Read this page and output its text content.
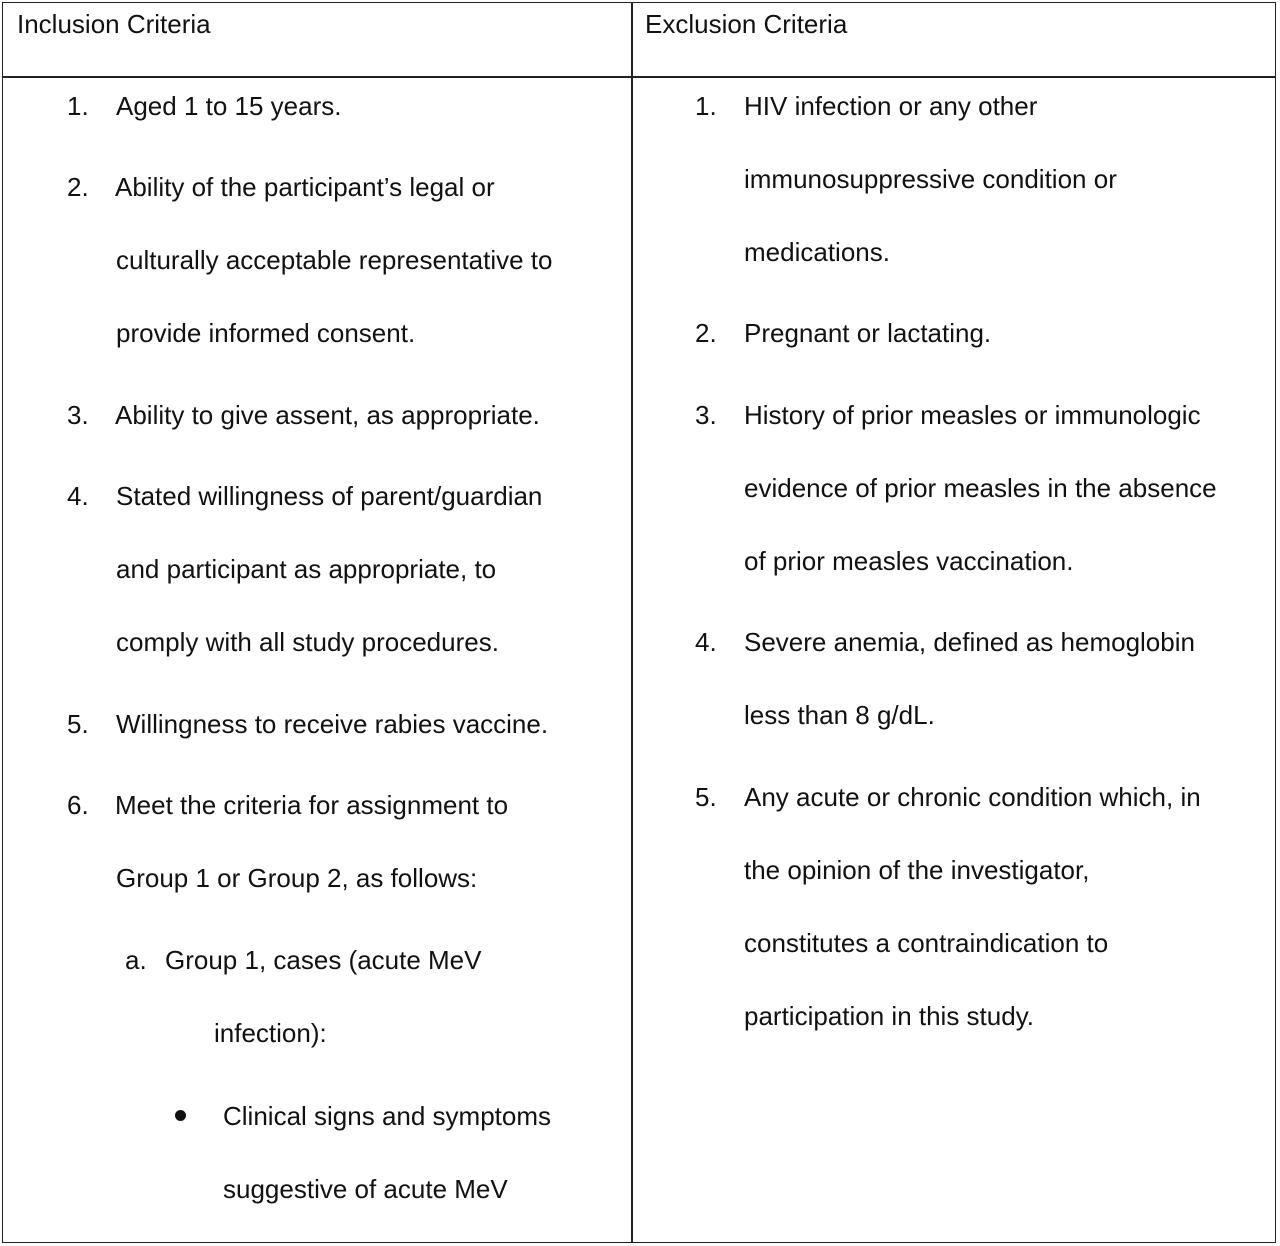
Inclusion Criteria	Exclusion Criteria
1. Aged 1 to 15 years.
2. Ability of the participant’s legal or
culturally acceptable representative to
provide informed consent.
3. Ability to give assent, as appropriate.
4. Stated willingness of parent/guardian
and participant as appropriate, to
comply with all study procedures.
5. Willingness to receive rabies vaccine.
6. Meet the criteria for assignment to
Group 1 or Group 2, as follows:
a. Group 1, cases (acute MeV
infection):
Clinical signs and symptoms
suggestive of acute MeV
1. HIV infection or any other
immunosuppressive condition or
medications.
2. Pregnant or lactating.
3. History of prior measles or immunologic
evidence of prior measles in the absence
of prior measles vaccination.
4. Severe anemia, defined as hemoglobin
less than 8 g/dL.
5. Any acute or chronic condition which, in
the opinion of the investigator,
constitutes a contraindication to
participation in this study.
